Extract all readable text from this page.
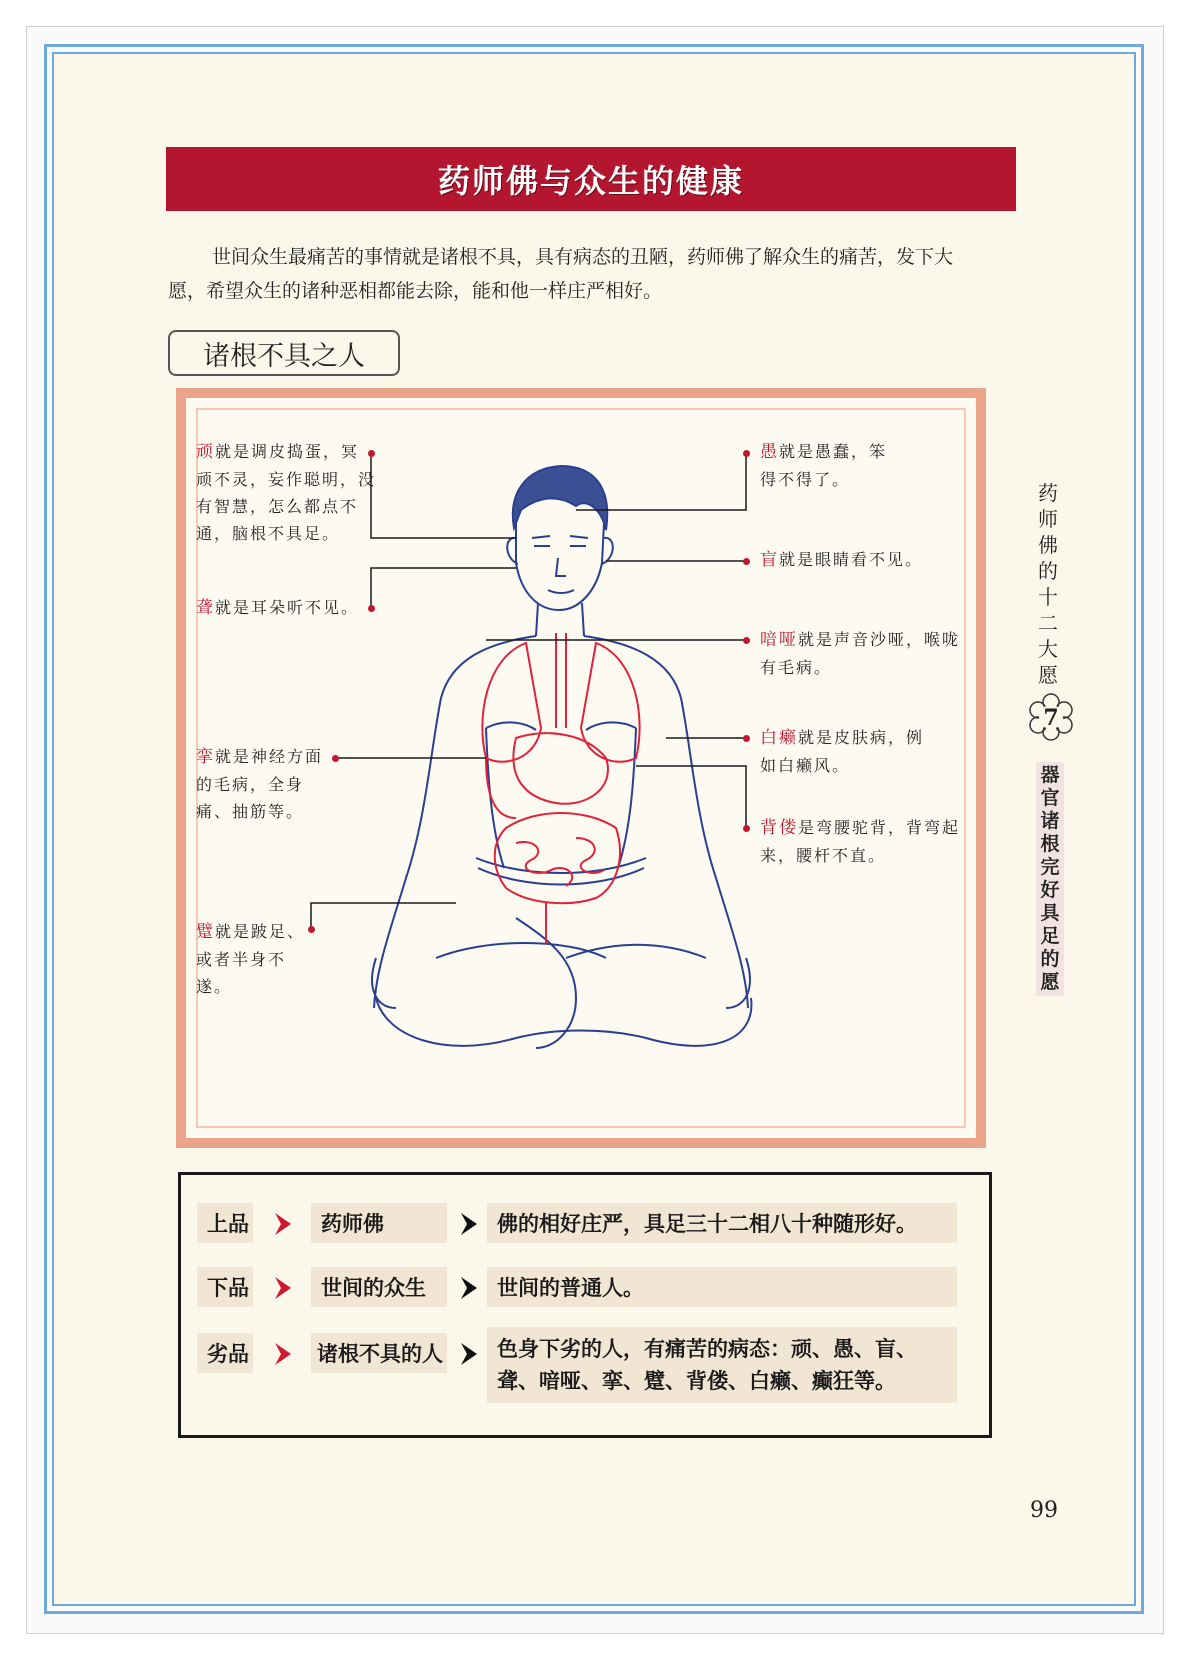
药师佛与众生的健康
世间众生最痛苦的事情就是诸根不具，具有病态的丑陋，药师佛了解众生的痛苦，发下大愿，希望众生的诸种恶相都能去除，能和他一样庄严相好。
诸根不具之人
顽就是调皮捣蛋，冥顽不灵，妄作聪明，没有智慧，怎么都点不通，脑根不具足。
聋就是耳朵听不见。
挛就是神经方面的毛病，全身痛、抽筋等。
躄就是跛足、或者半身不遂。
愚就是愚蠢，笨得不得了。
盲就是眼睛看不见。
喑哑就是声音沙哑，喉咙有毛病。
白癞就是皮肤病，例如白癞风。
背偻是弯腰驼背，背弯起来，腰杆不直。
药
师
佛
的
十
二
大
愿
7
器
官
诸
根
完
好
具
足
的
愿
上品	药师佛	佛的相好庄严，具足三十二相八十种随形好。
下品	世间的众生	世间的普通人。
劣品	诸根不具的人	色身下劣的人，有痛苦的病态：顽、愚、盲、聋、喑哑、挛、躄、背偻、白癞、癫狂等。
99
